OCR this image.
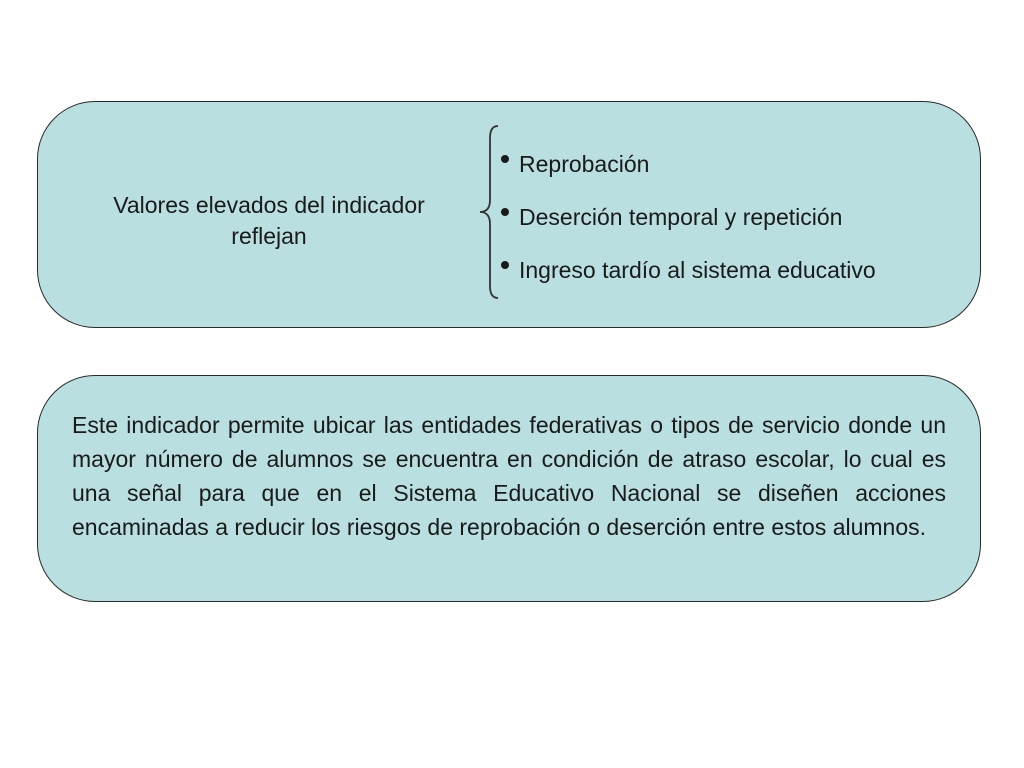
Valores elevados del indicador
reflejan
Reprobación
Deserción temporal y repetición
Ingreso tardío al sistema educativo

Este indicador permite ubicar las entidades federativas o tipos de servicio donde un mayor número de alumnos se encuentra en condición de atraso escolar, lo cual es una señal para que en el Sistema Educativo Nacional se diseñen acciones encaminadas a reducir los riesgos de reprobación o deserción entre estos alumnos.
